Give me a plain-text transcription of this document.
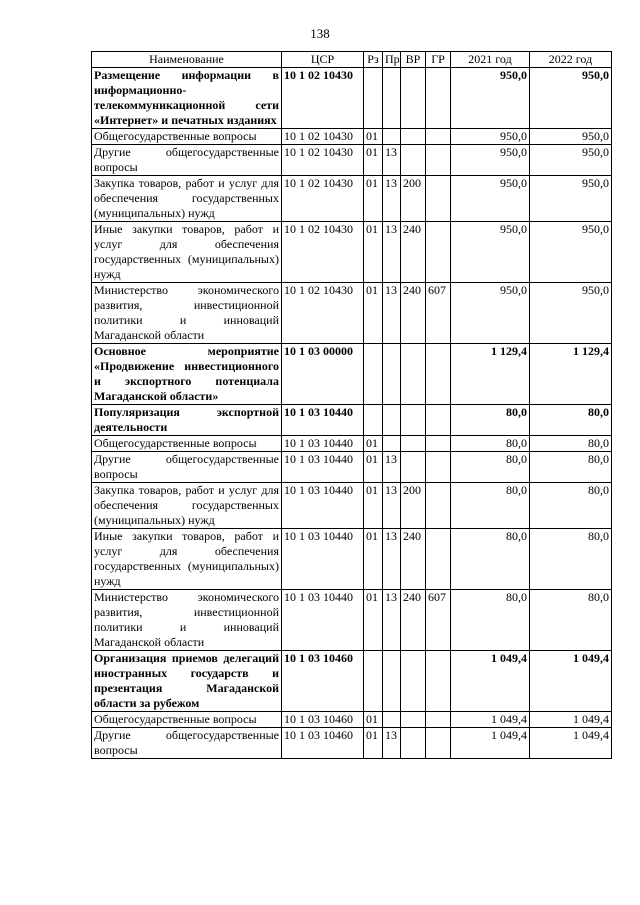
138
Наименование	ЦСР	Рз	Пр	ВР	ГР	2021 год	2022 год
Размещение информации в информационно-телекоммуникационной сети «Интернет» и печатных изданиях	10 1 02 10430					950,0	950,0
Общегосударственные вопросы	10 1 02 10430	01				950,0	950,0
Другие общегосударственные вопросы	10 1 02 10430	01	13			950,0	950,0
Закупка товаров, работ и услуг для обеспечения государственных (муниципальных) нужд	10 1 02 10430	01	13	200		950,0	950,0
Иные закупки товаров, работ и услуг для обеспечения государственных (муниципальных) нужд	10 1 02 10430	01	13	240		950,0	950,0
Министерство экономического развития, инвестиционной политики и инноваций Магаданской области	10 1 02 10430	01	13	240	607	950,0	950,0
Основное мероприятие «Продвижение инвестиционного и экспортного потенциала Магаданской области»	10 1 03 00000					1 129,4	1 129,4
Популяризация экспортной деятельности	10 1 03 10440					80,0	80,0
Общегосударственные вопросы	10 1 03 10440	01				80,0	80,0
Другие общегосударственные вопросы	10 1 03 10440	01	13			80,0	80,0
Закупка товаров, работ и услуг для обеспечения государственных (муниципальных) нужд	10 1 03 10440	01	13	200		80,0	80,0
Иные закупки товаров, работ и услуг для обеспечения государственных (муниципальных) нужд	10 1 03 10440	01	13	240		80,0	80,0
Министерство экономического развития, инвестиционной политики и инноваций Магаданской области	10 1 03 10440	01	13	240	607	80,0	80,0
Организация приемов делегаций иностранных государств и презентация Магаданской области за рубежом	10 1 03 10460					1 049,4	1 049,4
Общегосударственные вопросы	10 1 03 10460	01				1 049,4	1 049,4
Другие общегосударственные вопросы	10 1 03 10460	01	13			1 049,4	1 049,4
